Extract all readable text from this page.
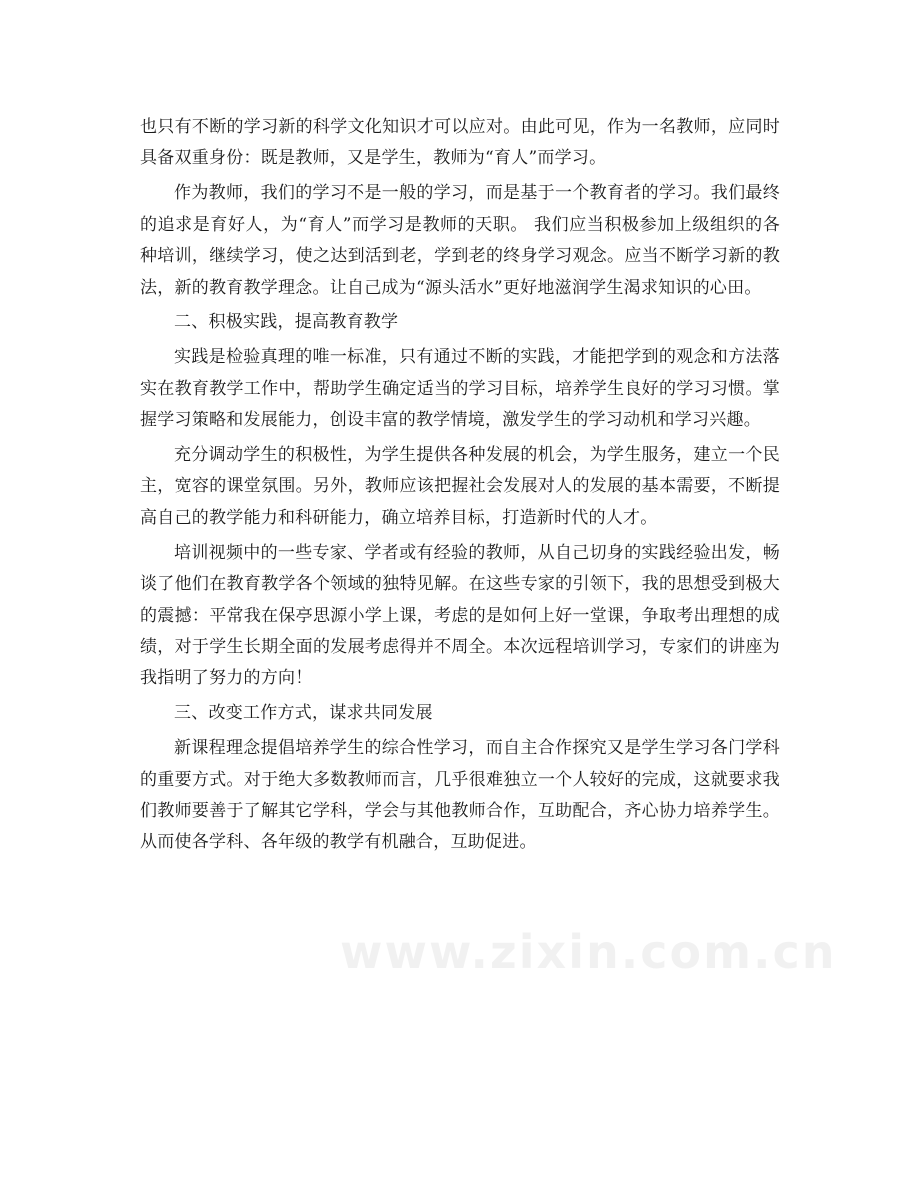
也只有不断的学习新的科学文化知识才可以应对。由此可见，作为一名教师，应同时具备双重身份：既是教师，又是学生，教师为“育人”而学习。

作为教师，我们的学习不是一般的学习，而是基于一个教育者的学习。我们最终的追求是育好人，为“育人”而学习是教师的天职。 我们应当积极参加上级组织的各种培训，继续学习，使之达到活到老，学到老的终身学习观念。应当不断学习新的教法，新的教育教学理念。让自己成为“源头活水”更好地滋润学生渴求知识的心田。

二、积极实践，提高教育教学

实践是检验真理的唯一标准，只有通过不断的实践，才能把学到的观念和方法落实在教育教学工作中，帮助学生确定适当的学习目标，培养学生良好的学习习惯。掌握学习策略和发展能力，创设丰富的教学情境，激发学生的学习动机和学习兴趣。

充分调动学生的积极性，为学生提供各种发展的机会，为学生服务，建立一个民主，宽容的课堂氛围。另外，教师应该把握社会发展对人的发展的基本需要，不断提高自己的教学能力和科研能力，确立培养目标，打造新时代的人才。

培训视频中的一些专家、学者或有经验的教师，从自己切身的实践经验出发，畅谈了他们在教育教学各个领域的独特见解。在这些专家的引领下，我的思想受到极大的震撼：平常我在保亭思源小学上课，考虑的是如何上好一堂课，争取考出理想的成绩，对于学生长期全面的发展考虑得并不周全。本次远程培训学习，专家们的讲座为我指明了努力的方向！

三、改变工作方式，谋求共同发展

新课程理念提倡培养学生的综合性学习，而自主合作探究又是学生学习各门学科的重要方式。对于绝大多数教师而言，几乎很难独立一个人较好的完成，这就要求我们教师要善于了解其它学科，学会与其他教师合作，互助配合，齐心协力培养学生。从而使各学科、各年级的教学有机融合，互助促进。

www.zixin.com.cn
